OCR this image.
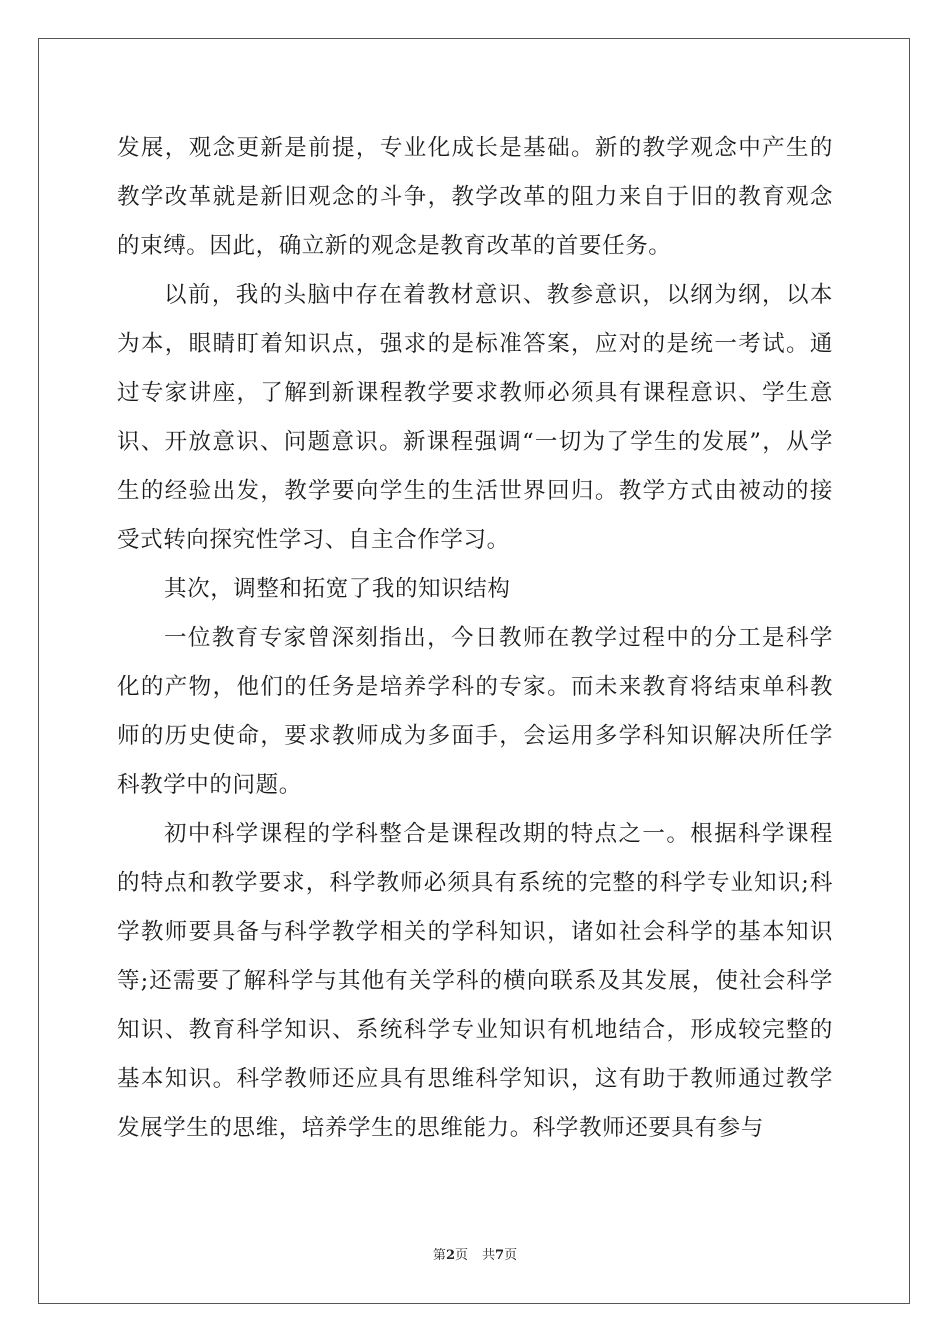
发展，观念更新是前提，专业化成长是基础。新的教学观念中产生的教学改革就是新旧观念的斗争，教学改革的阻力来自于旧的教育观念的束缚。因此，确立新的观念是教育改革的首要任务。

以前，我的头脑中存在着教材意识、教参意识，以纲为纲，以本为本，眼睛盯着知识点，强求的是标准答案，应对的是统一考试。通过专家讲座，了解到新课程教学要求教师必须具有课程意识、学生意识、开放意识、问题意识。新课程强调“一切为了学生的发展”，从学生的经验出发，教学要向学生的生活世界回归。教学方式由被动的接受式转向探究性学习、自主合作学习。

其次，调整和拓宽了我的知识结构

一位教育专家曾深刻指出，今日教师在教学过程中的分工是科学化的产物，他们的任务是培养学科的专家。而未来教育将结束单科教师的历史使命，要求教师成为多面手，会运用多学科知识解决所任学科教学中的问题。

初中科学课程的学科整合是课程改期的特点之一。根据科学课程的特点和教学要求，科学教师必须具有系统的完整的科学专业知识;科学教师要具备与科学教学相关的学科知识，诸如社会科学的基本知识等;还需要了解科学与其他有关学科的横向联系及其发展，使社会科学知识、教育科学知识、系统科学专业知识有机地结合，形成较完整的基本知识。科学教师还应具有思维科学知识，这有助于教师通过教学发展学生的思维，培养学生的思维能力。科学教师还要具有参与

第2页 共7页
